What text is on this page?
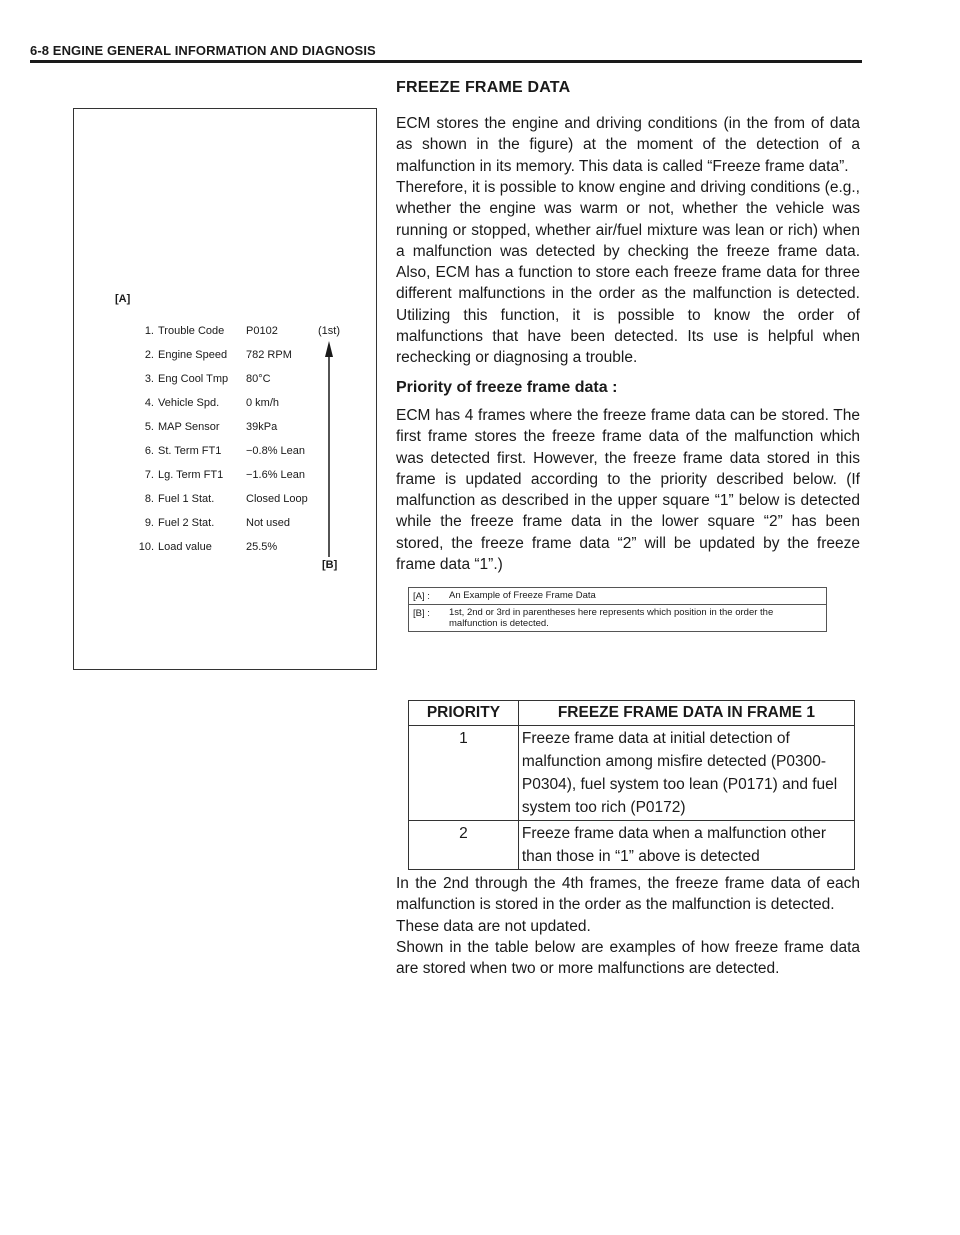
6-8 ENGINE GENERAL INFORMATION AND DIAGNOSIS
[A]
(1st)
[B]
1. Trouble Code P0102
2. Engine Speed 782 RPM
3. Eng Cool Tmp 80°C
4. Vehicle Spd. 0 km/h
5. MAP Sensor 39kPa
6. St. Term FT1 −0.8% Lean
7. Lg. Term FT1 −1.6% Lean
8. Fuel 1 Stat.	Closed Loop
9. Fuel 2 Stat.	Not used
10. Load value	25.5%
FREEZE FRAME DATA
ECM stores the engine and driving conditions (in the from of data as shown in the figure) at the moment of the detection of a malfunction in its memory. This data is called “Freeze frame data”.
Therefore, it is possible to know engine and driving conditions (e.g., whether the engine was warm or not, whether the vehicle was running or stopped, whether air/fuel mixture was lean or rich) when a malfunction was detected by checking the freeze frame data. Also, ECM has a function to store each freeze frame data for three different malfunctions in the order as the malfunction is detected. Utilizing this function, it is possible to know the order of malfunctions that have been detected. Its use is helpful when rechecking or diagnosing a trouble.
Priority of freeze frame data :
ECM has 4 frames where the freeze frame data can be stored. The first frame stores the freeze frame data of the malfunction which was detected first. However, the freeze frame data stored in this frame is updated according to the priority described below. (If malfunction as described in the upper square “1” below is detected while the freeze frame data in the lower square “2” has been stored, the freeze frame data “2” will be updated by the freeze frame data “1”.)
[A] : An Example of Freeze Frame Data
[B] : 1st, 2nd or 3rd in parentheses here represents which position in the order the malfunction is detected.
PRIORITY	FREEZE FRAME DATA IN FRAME 1
1	Freeze frame data at initial detection of malfunction among misfire detected (P0300-P0304), fuel system too lean (P0171) and fuel system too rich (P0172)
2	Freeze frame data when a malfunction other than those in “1” above is detected
In the 2nd through the 4th frames, the freeze frame data of each malfunction is stored in the order as the malfunction is detected.
These data are not updated.
Shown in the table below are examples of how freeze frame data are stored when two or more malfunctions are detected.
